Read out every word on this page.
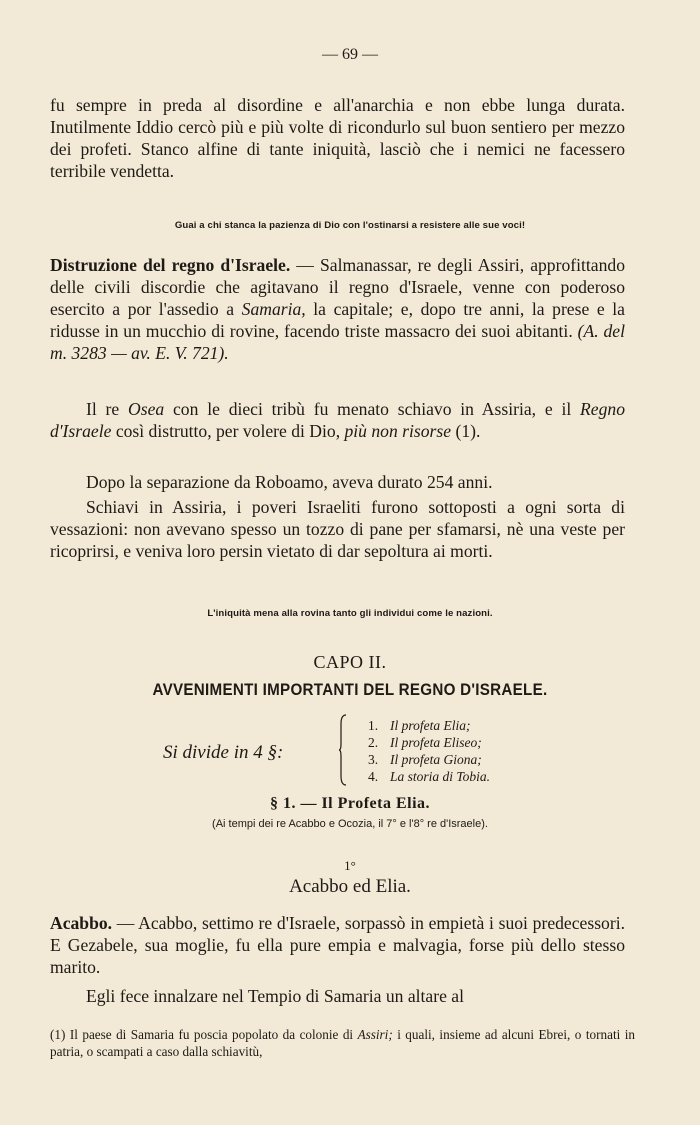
— 69 —
fu sempre in preda al disordine e all'anarchia e non ebbe lunga durata. Inutilmente Iddio cercò più e più volte di ricondurlo sul buon sentiero per mezzo dei profeti. Stanco alfine di tante iniquità, lasciò che i nemici ne facessero terribile vendetta.
Guai a chi stanca la pazienza di Dio con l'ostinarsi a resistere alle sue voci!
Distruzione del regno d'Israele. — Salmanassar, re degli Assiri, approfittando delle civili discordie che agitavano il regno d'Israele, venne con poderoso esercito a por l'assedio a Samaria, la capitale; e, dopo tre anni, la prese e la ridusse in un mucchio di rovine, facendo triste massacro dei suoi abitanti. (A. del m. 3283 — av. E. V. 721).
Il re Osea con le dieci tribù fu menato schiavo in Assiria, e il Regno d'Israele così distrutto, per volere di Dio, più non risorse (1).
Dopo la separazione da Roboamo, aveva durato 254 anni.
Schiavi in Assiria, i poveri Israeliti furono sottoposti a ogni sorta di vessazioni: non avevano spesso un tozzo di pane per sfamarsi, nè una veste per ricoprirsi, e veniva loro persin vietato di dar sepoltura ai morti.
L'iniquità mena alla rovina tanto gli individui come le nazioni.
CAPO II.
AVVENIMENTI IMPORTANTI DEL REGNO D'ISRAELE.
Si divide in 4 §:
1. Il profeta Elia;
2. Il profeta Eliseo;
3. Il profeta Giona;
4. La storia di Tobia.
§ 1. — Il Profeta Elia.
(Ai tempi dei re Acabbo e Ocozia, il 7° e l'8° re d'Israele).
1°
Acabbo ed Elia.
Acabbo. — Acabbo, settimo re d'Israele, sorpassò in empietà i suoi predecessori. E Gezabele, sua moglie, fu ella pure empia e malvagia, forse più dello stesso marito.
Egli fece innalzare nel Tempio di Samaria un altare al
(1) Il paese di Samaria fu poscia popolato da colonie di Assiri; i quali, insieme ad alcuni Ebrei, o tornati in patria, o scampati a caso dalla schiavitù,
